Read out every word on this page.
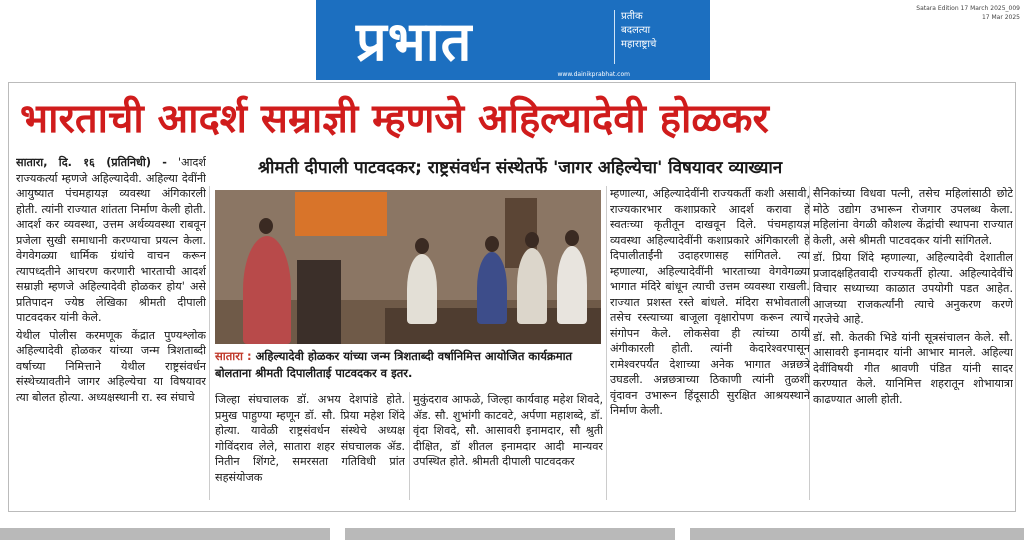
प्रभात	प्रतीक
बदलत्या
महाराष्ट्राचे
www.dainikprabhat.com
Satara Edition 17 March 2025_009
17 Mar 2025
भारताची आदर्श सम्राज्ञी म्हणजे अहिल्यादेवी होळकर
श्रीमती दीपाली पाटवदकर; राष्ट्रसंवर्धन संस्थेतर्फे 'जागर अहिल्येचा' विषयावर व्याख्यान

सातारा, दि. १६ (प्रतिनिधी) - 'आदर्श राज्यकर्त्या म्हणजे अहिल्यादेवी. अहिल्या देवींनी आयुष्यात पंचमहायज्ञ व्यवस्था अंगिकारली होती. त्यांनी राज्यात शांतता निर्माण केली होती. आदर्श कर व्यवस्था, उत्तम अर्थव्यवस्था राबवून प्रजेला सुखी समाधानी करण्याचा प्रयत्न केला. वेगवेगळ्या धार्मिक ग्रंथांचे वाचन करून त्यापध्दतीने आचरण करणारी भारताची आदर्श सम्राज्ञी म्हणजे अहिल्यादेवी होळकर होय' असे प्रतिपादन ज्येष्ठ लेखिका श्रीमती दीपाली पाटवदकर यांनी केले.

येथील पोलीस करमणूक केंद्रात पुण्यश्लोक अहिल्यादेवी होळकर यांच्या जन्म त्रिशताब्दी वर्षाच्या निमित्ताने येथील राष्ट्रसंवर्धन संस्थेच्यावतीने जागर अहिल्येचा या विषयावर त्या बोलत होत्या. अध्यक्षस्थानी रा. स्व संघाचे

सातारा : अहिल्यादेवी होळकर यांच्या जन्म त्रिशताब्दी वर्षानिमित्त आयोजित कार्यक्रमात बोलताना श्रीमती दिपालीताई पाटवदकर व इतर.

जिल्हा संघचालक डॉ. अभय देशपांडे होते. प्रमुख पाहुण्या म्हणून डॉ. सौ. प्रिया महेश शिंदे होत्या. यावेळी राष्ट्रसंवर्धन संस्थेचे अध्यक्ष गोविंदराव लेले, सातारा शहर संघचालक ॲड. नितीन शिंगटे, समरसता गतिविधी प्रांत सहसंयोजक

मुकुंदराव आफळे, जिल्हा कार्यवाह महेश शिवदे, ॲड. सौ. शुभांगी काटवटे, अर्पणा महाशब्दे, डॉ. वृंदा शिवदे, सौ. आसावरी इनामदार, सौ श्रुती दीक्षित, डॉ शीतल इनामदार आदी मान्यवर उपस्थित होते. श्रीमती दीपाली पाटवदकर

म्हणाल्या, अहिल्यादेवींनी राज्यकर्ती कशी असावी, राज्यकारभार कशाप्रकारे आदर्श करावा हे स्वतःच्या कृतीतून दाखवून दिले. पंचमहायज्ञ व्यवस्था अहिल्यादेवींनी कशाप्रकारे अंगिकारली हे दिपालीताईंनी उदाहरणासह सांगितले. त्या म्हणाल्या, अहिल्यादेवींनी भारताच्या वेगवेगळ्या भागात मंदिरे बांधून त्याची उत्तम व्यवस्था राखली. राज्यात प्रशस्त रस्ते बांधले. मंदिरा सभोवताली तसेच रस्त्याच्या बाजूला वृक्षारोपण करून त्याचे संगोपन केले. लोकसेवा ही त्यांच्या ठायी अंगीकारली होती. त्यांनी केदारेश्वरपासून रामेश्वरपर्यंत देशाच्या अनेक भागात अन्नछत्रे उघडली. अन्नछत्राच्या ठिकाणी त्यांनी तुळशी वृंदावन उभारून हिंदूसाठी सुरक्षित आश्रयस्थाने निर्माण केली.

सैनिकांच्या विधवा पत्नी, तसेच महिलांसाठी छोटे मोठे उद्योग उभारून रोजगार उपलब्ध केला. महिलांना वेगळी कौशल्य केंद्रांची स्थापना राज्यात केली, असे श्रीमती पाटवदकर यांनी सांगितले.

डॉ. प्रिया शिंदे म्हणाल्या, अहिल्यादेवी देशातील प्रजादक्षहितवादी राज्यकर्ती होत्या. अहिल्यादेवींचे विचार सध्याच्या काळात उपयोगी पडत आहेत. आजच्या राजकर्त्यांनी त्याचे अनुकरण करणे गरजेचे आहे.

डॉ. सौ. केतकी भिडे यांनी सूत्रसंचालन केले. सौ. आसावरी इनामदार यांनी आभार मानले. अहिल्या देवींविषयी गीत श्रावणी पंडित यांनी सादर करण्यात केले. यानिमित्त शहरातून शोभायात्रा काढण्यात आली होती.
